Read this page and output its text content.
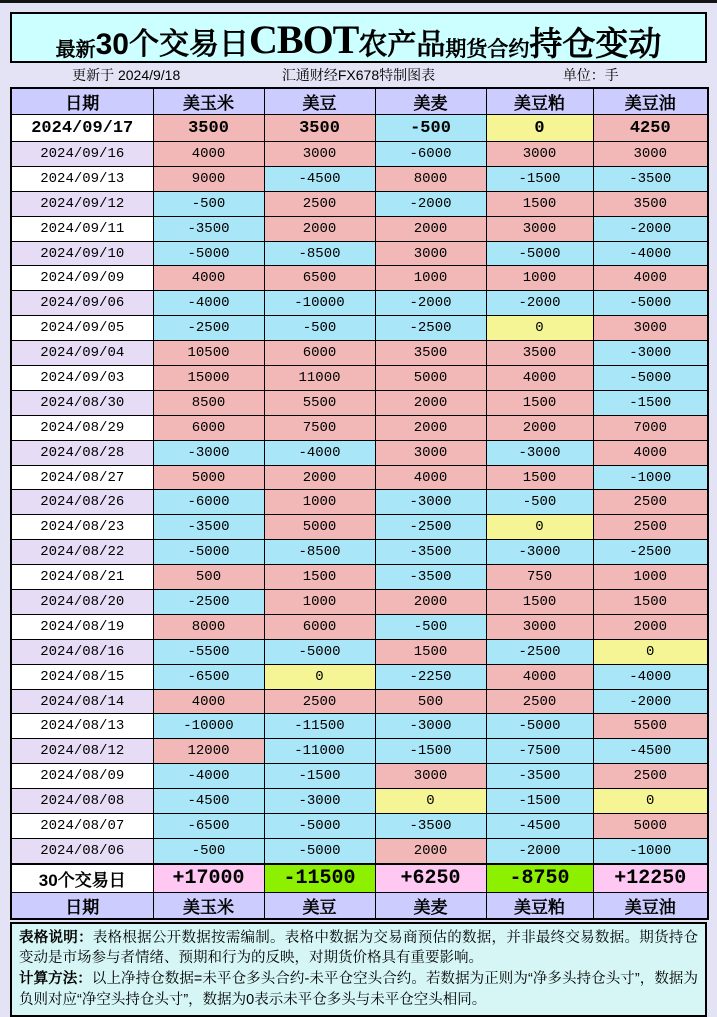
最新 30个交易日 CBOT 农产品 期货合约 持仓变动
更新于 2024/9/18	汇通财经FX678特制图表	单位：手
日期	美玉米	美豆	美麦	美豆粕	美豆油
2024/09/17	3500	3500	-500	0	4250
2024/09/16	4000	3000	-6000	3000	3000
2024/09/13	9000	-4500	8000	-1500	-3500
2024/09/12	-500	2500	-2000	1500	3500
2024/09/11	-3500	2000	2000	3000	-2000
2024/09/10	-5000	-8500	3000	-5000	-4000
2024/09/09	4000	6500	1000	1000	4000
2024/09/06	-4000	-10000	-2000	-2000	-5000
2024/09/05	-2500	-500	-2500	0	3000
2024/09/04	10500	6000	3500	3500	-3000
2024/09/03	15000	11000	5000	4000	-5000
2024/08/30	8500	5500	2000	1500	-1500
2024/08/29	6000	7500	2000	2000	7000
2024/08/28	-3000	-4000	3000	-3000	4000
2024/08/27	5000	2000	4000	1500	-1000
2024/08/26	-6000	1000	-3000	-500	2500
2024/08/23	-3500	5000	-2500	0	2500
2024/08/22	-5000	-8500	-3500	-3000	-2500
2024/08/21	500	1500	-3500	750	1000
2024/08/20	-2500	1000	2000	1500	1500
2024/08/19	8000	6000	-500	3000	2000
2024/08/16	-5500	-5000	1500	-2500	0
2024/08/15	-6500	0	-2250	4000	-4000
2024/08/14	4000	2500	500	2500	-2000
2024/08/13	-10000	-11500	-3000	-5000	5500
2024/08/12	12000	-11000	-1500	-7500	-4500
2024/08/09	-4000	-1500	3000	-3500	2500
2024/08/08	-4500	-3000	0	-1500	0
2024/08/07	-6500	-5000	-3500	-4500	5000
2024/08/06	-500	-5000	2000	-2000	-1000
30个交易日	+17000	-11500	+6250	-8750	+12250
日期	美玉米	美豆	美麦	美豆粕	美豆油

表格说明：表格根据公开数据按需编制。表格中数据为交易商预估的数据，并非最终交易数据。期货持仓变动是市场参与者情绪、预期和行为的反映，对期货价格具有重要影响。

计算方法：以上净持仓数据=未平仓多头合约-未平仓空头合约。若数据为正则为“净多头持仓头寸”，数据为负则对应“净空头持仓头寸”，数据为0表示未平仓多头与未平仓空头相同。
